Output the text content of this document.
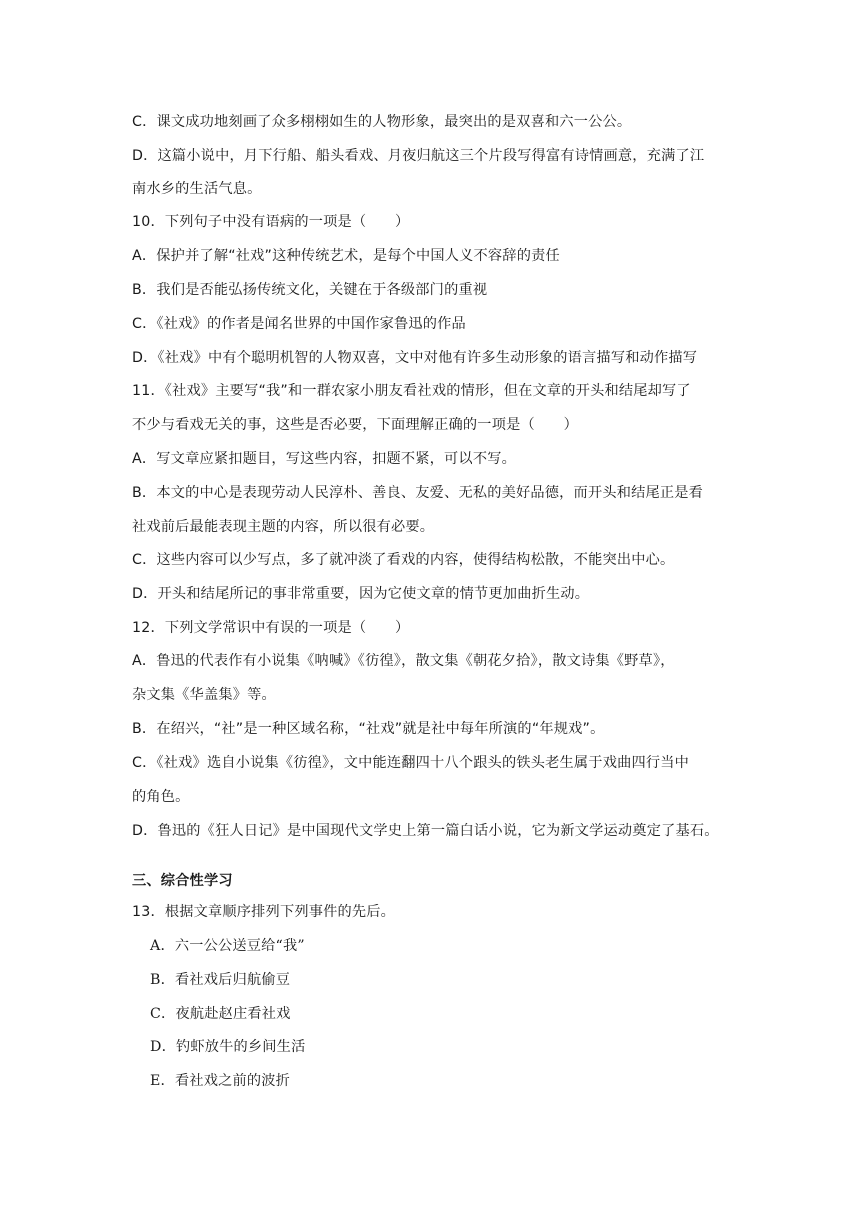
C．课文成功地刻画了众多栩栩如生的人物形象，最突出的是双喜和六一公公。
D．这篇小说中，月下行船、船头看戏、月夜归航这三个片段写得富有诗情画意，充满了江
南水乡的生活气息。
10．下列句子中没有语病的一项是（　　）
A．保护并了解“社戏”这种传统艺术，是每个中国人义不容辞的责任
B．我们是否能弘扬传统文化，关键在于各级部门的重视
C．《社戏》的作者是闻名世界的中国作家鲁迅的作品
D．《社戏》中有个聪明机智的人物双喜，文中对他有许多生动形象的语言描写和动作描写
11．《社戏》主要写“我”和一群农家小朋友看社戏的情形，但在文章的开头和结尾却写了
不少与看戏无关的事，这些是否必要，下面理解正确的一项是（　　）
A．写文章应紧扣题目，写这些内容，扣题不紧，可以不写。
B．本文的中心是表现劳动人民淳朴、善良、友爱、无私的美好品德，而开头和结尾正是看
社戏前后最能表现主题的内容，所以很有必要。
C．这些内容可以少写点，多了就冲淡了看戏的内容，使得结构松散，不能突出中心。
D．开头和结尾所记的事非常重要，因为它使文章的情节更加曲折生动。
12．下列文学常识中有误的一项是（　　）
A．鲁迅的代表作有小说集《呐喊》《彷徨》，散文集《朝花夕拾》，散文诗集《野草》，
杂文集《华盖集》等。
B．在绍兴，“社”是一种区域名称，“社戏”就是社中每年所演的“年规戏”。
C．《社戏》选自小说集《彷徨》，文中能连翻四十八个跟头的铁头老生属于戏曲四行当中
的角色。
D．鲁迅的《狂人日记》是中国现代文学史上第一篇白话小说，它为新文学运动奠定了基石。
三、综合性学习
13．根据文章顺序排列下列事件的先后。
A．六一公公送豆给“我”
B．看社戏后归航偷豆
C．夜航赴赵庄看社戏
D．钓虾放牛的乡间生活
E．看社戏之前的波折
